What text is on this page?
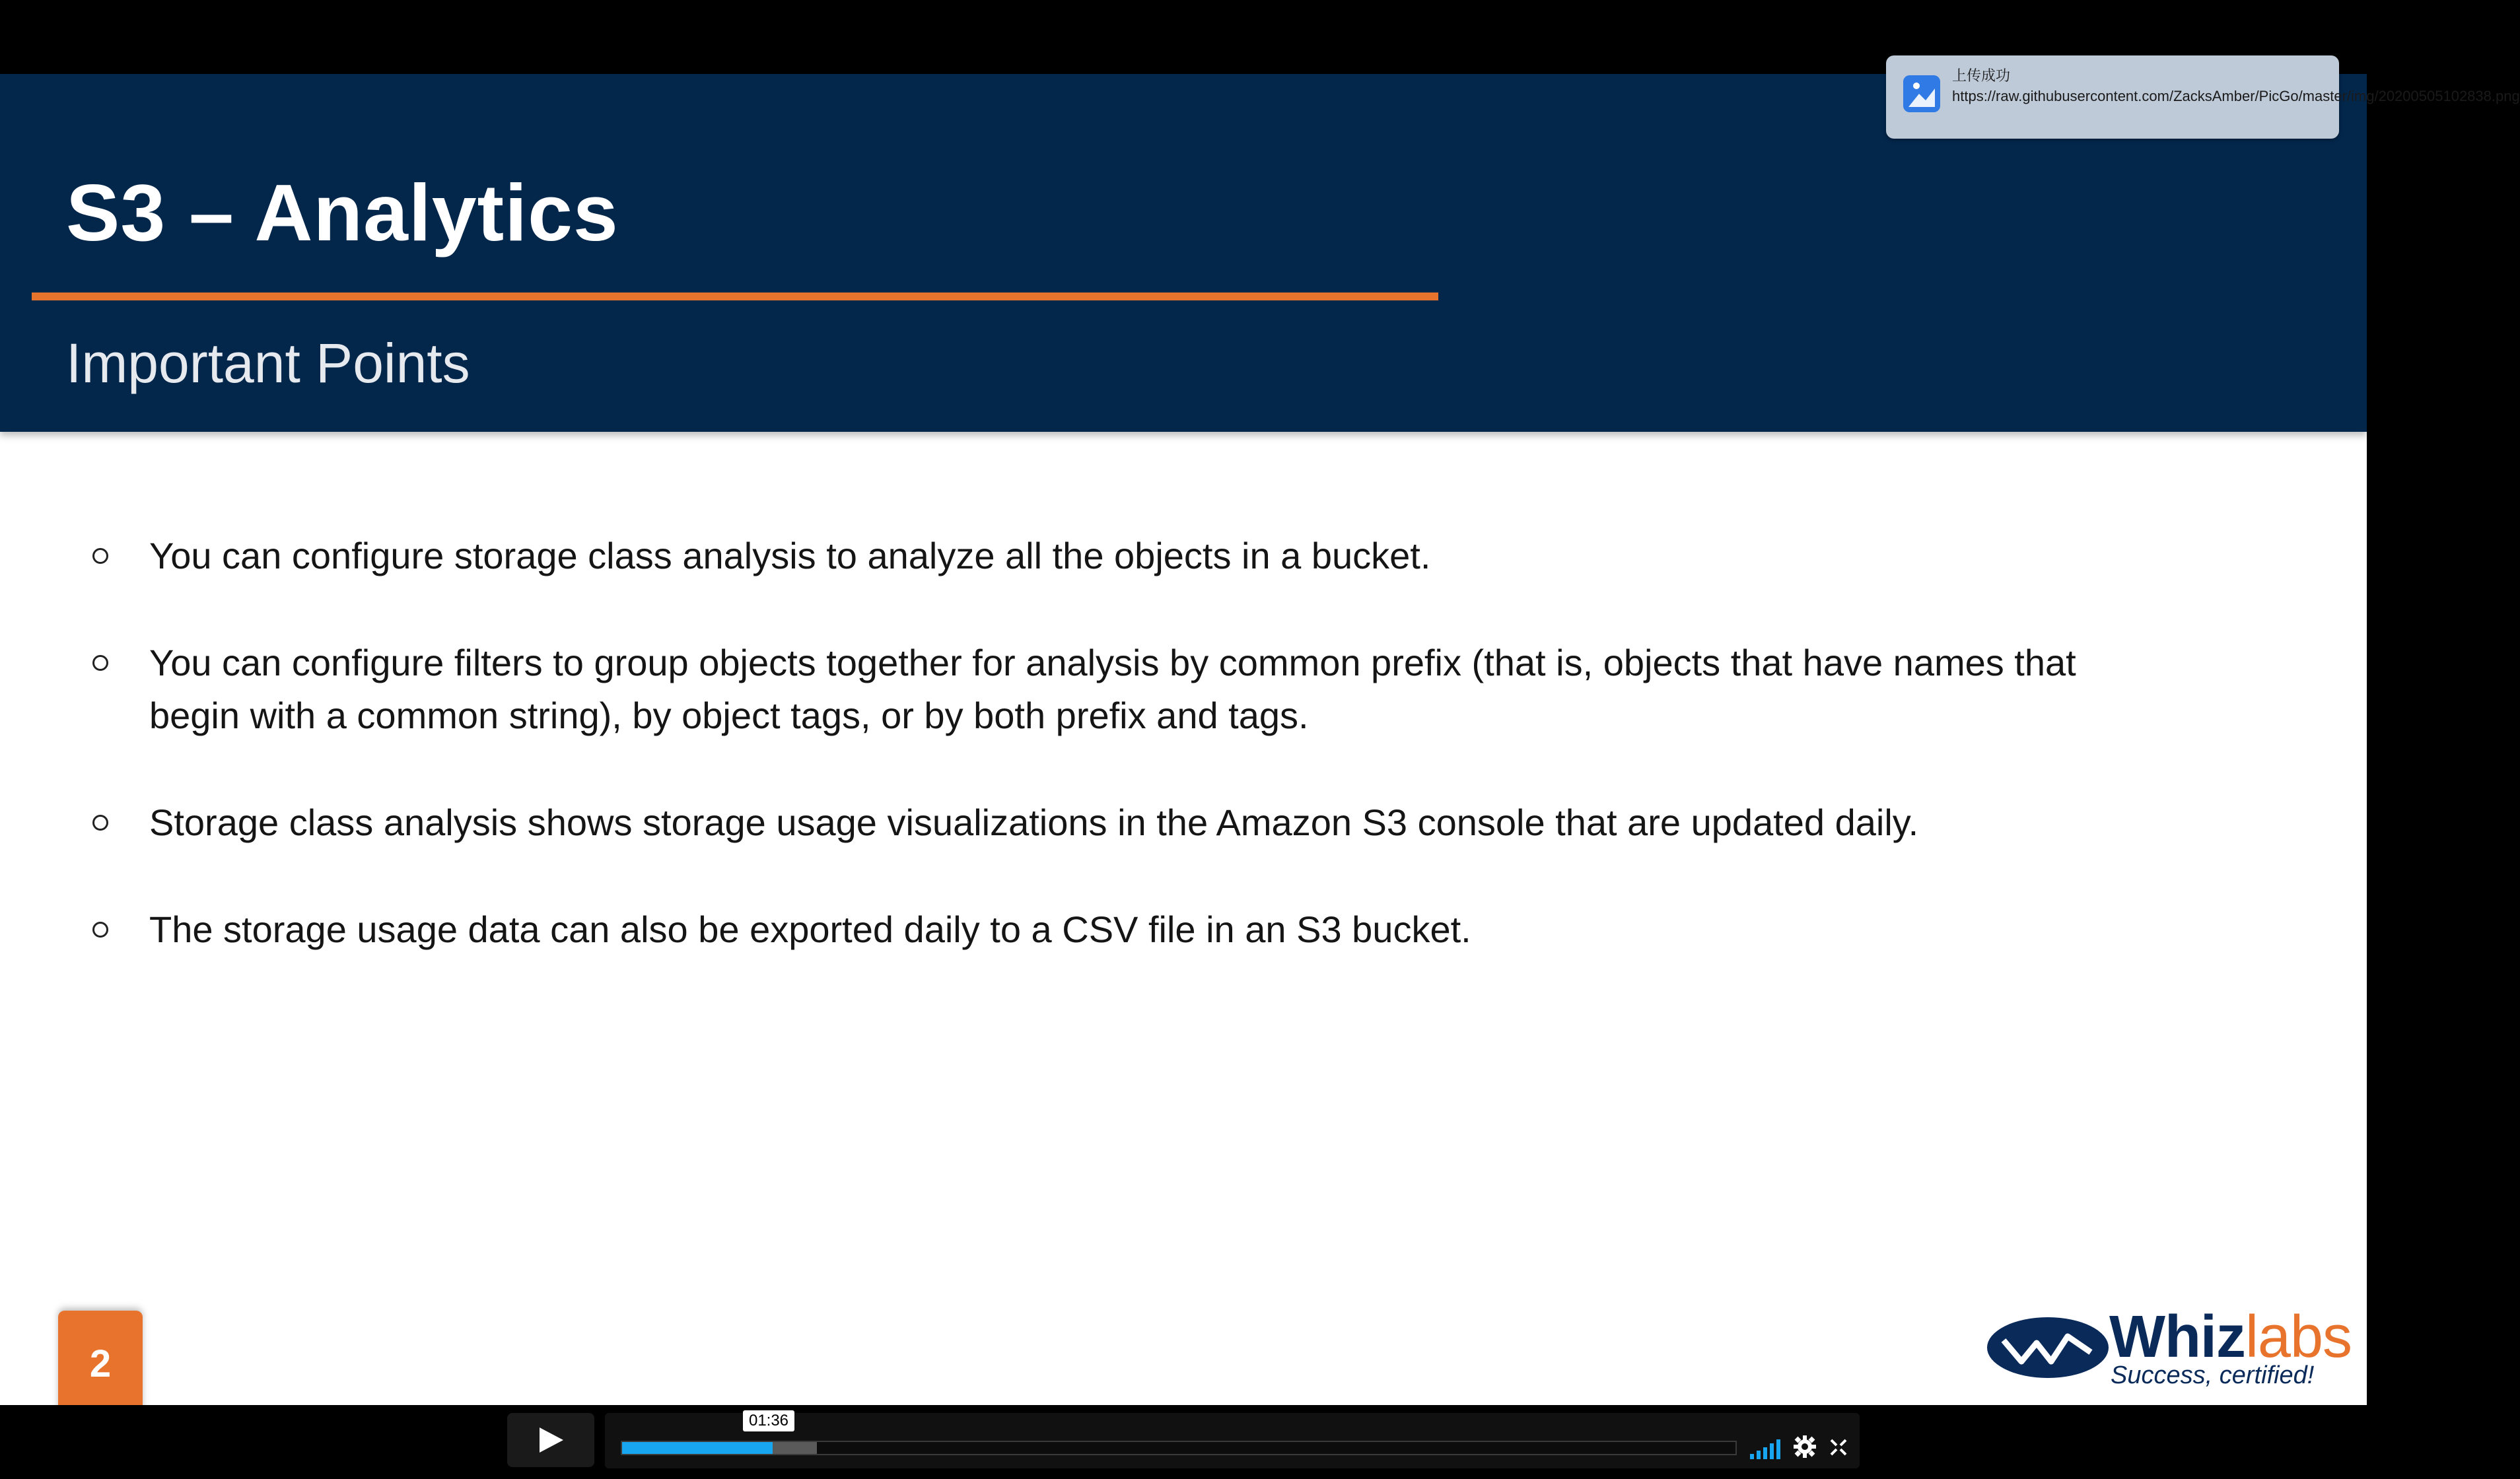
S3 – Analytics
Important Points
You can configure storage class analysis to analyze all the objects in a bucket.
You can configure filters to group objects together for analysis by common prefix (that is, objects that have names that begin with a common string), by object tags, or by both prefix and tags.
Storage class analysis shows storage usage visualizations in the Amazon S3 console that are updated daily.
The storage usage data can also be exported daily to a CSV file in an S3 bucket.
2	Whizlabs
Success, certified!
上传成功
https://raw.githubusercontent.com/ZacksAmber/PicGo/master/img/20200505102838.png
01:36
